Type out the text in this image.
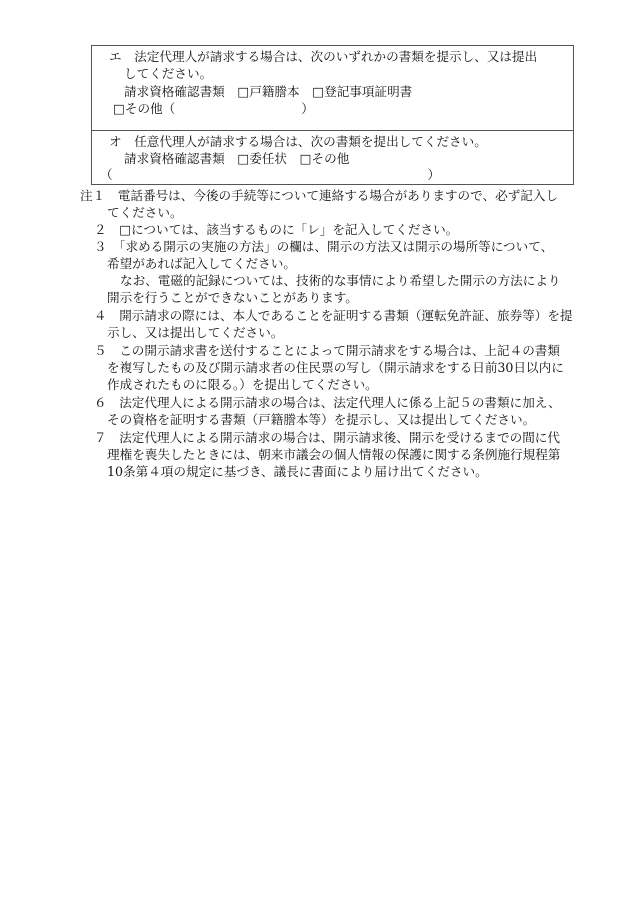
エ　法定代理人が請求する場合は、次のいずれかの書類を提示し、又は提出
してください。
請求資格確認書類　□戸籍謄本　□登記事項証明書
□その他（　　　　　　　　　　）
オ　任意代理人が請求する場合は、次の書類を提出してください。
請求資格確認書類　□委任状　□その他
（　　　　　　　　　　　　　　　　　　　　　　　　　）
注１　電話番号は、今後の手続等について連絡する場合がありますので、必ず記入し
てください。
２　□については、該当するものに「レ」を記入してください。
３　「求める開示の実施の方法」の欄は、開示の方法又は開示の場所等について、
希望があれば記入してください。
なお、電磁的記録については、技術的な事情により希望した開示の方法により
開示を行うことができないことがあります。
４　開示請求の際には、本人であることを証明する書類（運転免許証、旅券等）を提
示し、又は提出してください。
５　この開示請求書を送付することによって開示請求をする場合は、上記４の書類
を複写したもの及び開示請求者の住民票の写し（開示請求をする日前30日以内に
作成されたものに限る。）を提出してください。
６　法定代理人による開示請求の場合は、法定代理人に係る上記５の書類に加え、
その資格を証明する書類（戸籍謄本等）を提示し、又は提出してください。
７　法定代理人による開示請求の場合は、開示請求後、開示を受けるまでの間に代
理権を喪失したときには、朝来市議会の個人情報の保護に関する条例施行規程第
10条第４項の規定に基づき、議長に書面により届け出てください。
